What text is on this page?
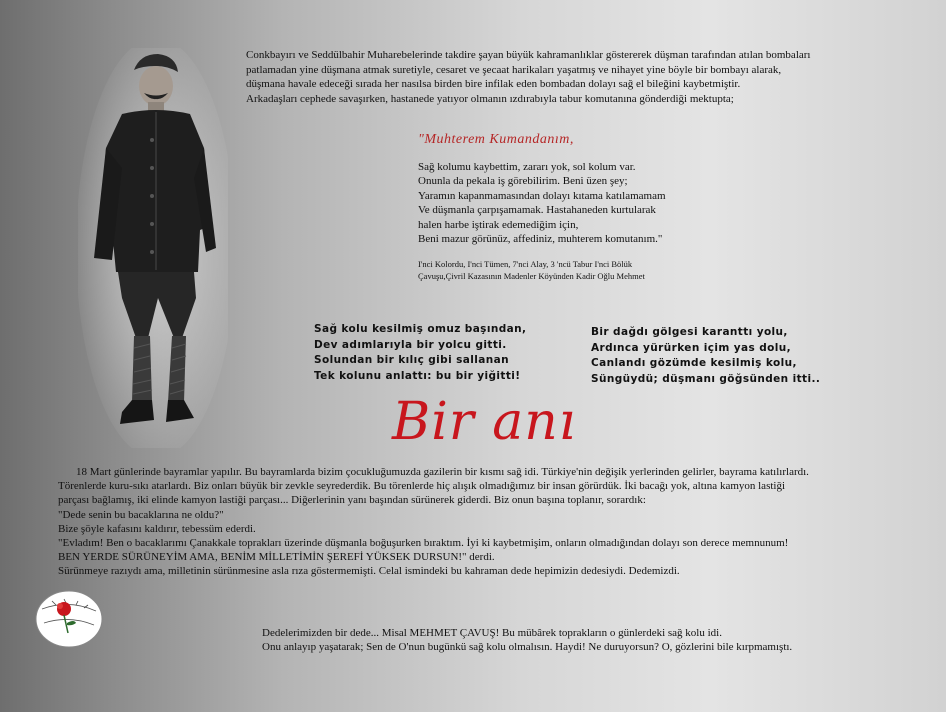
Conkbayırı ve Seddülbahir Muharebelerinde takdire şayan büyük kahramanlıklar göstererek düşman tarafından atılan bombaları

patlamadan yine düşmana atmak suretiyle, cesaret ve şecaat harikaları yaşatmış ve nihayet yine böyle bir bombayı alarak,

düşmana havale edeceği sırada her nasılsa birden bire infilak eden bombadan dolayı sağ el bileğini kaybetmiştir.

Arkadaşları cephede savaşırken, hastanede yatıyor olmanın ızdırabıyla tabur komutanına gönderdiği mektupta;

"Muhterem Kumandanım,

Sağ kolumu kaybettim, zararı yok, sol kolum var.

Onunla da pekala iş görebilirim. Beni üzen şey;

Yaramın kapanmamasından dolayı kıtama katılamamam

Ve düşmanla çarpışamamak. Hastahaneden kurtularak

halen harbe iştirak edemediğim için,

Beni mazur görünüz, affediniz, muhterem komutanım."

I'nci Kolordu, I'nci Tümen, 7'nci Alay, 3 'ncü Tabur I'nci Bölük

Çavuşu,Çivril Kazasının Madenler Köyünden Kadir Oğlu Mehmet

Sağ kolu kesilmiş omuz başından,

Dev adımlarıyla bir yolcu gitti.

Solundan bir kılıç gibi sallanan

Tek kolunu anlattı: bu bir yiğitti!

Bir dağdı gölgesi karanttı yolu,

Ardınca yürürken içim yas dolu,

Canlandı gözümde kesilmiş kolu,

Süngüydü; düşmanı göğsünden itti..

Bir anı

18 Mart günlerinde bayramlar yapılır. Bu bayramlarda bizim çocukluğumuzda gazilerin bir kısmı sağ idi. Türkiye'nin değişik yerlerinden gelirler, bayrama katılırlardı.

Törenlerde kuru-sıkı atarlardı. Biz onları büyük bir zevkle seyrederdik. Bu törenlerde hiç alışık olmadığımız bir insan görürdük. İki bacağı yok, altına kamyon lastiği

parçası bağlamış, iki elinde kamyon lastiği parçası... Diğerlerinin yanı başından sürünerek giderdi. Biz onun başına toplanır, sorardık:

"Dede senin bu bacaklarına ne oldu?"

Bize şöyle kafasını kaldırır, tebessüm ederdi.

"Evladım! Ben o bacaklarımı Çanakkale toprakları üzerinde düşmanla boğuşurken bıraktım. İyi ki kaybetmişim, onların olmadığından dolayı son derece memnunum!

BEN YERDE SÜRÜNEYİM AMA, BENİM MİLLETİMİN ŞEREFİ YÜKSEK DURSUN!" derdi.

Sürünmeye razıydı ama, milletinin sürünmesine asla rıza göstermemişti. Celal ismindeki bu kahraman dede hepimizin dedesiydi. Dedemizdi.

Dedelerimizden bir dede... Misal MEHMET ÇAVUŞ! Bu mübârek toprakların o günlerdeki sağ kolu idi.

Onu anlayıp yaşatarak; Sen de O'nun bugünkü sağ kolu olmalısın. Haydi! Ne duruyorsun? O, gözlerini bile kırpmamıştı.
